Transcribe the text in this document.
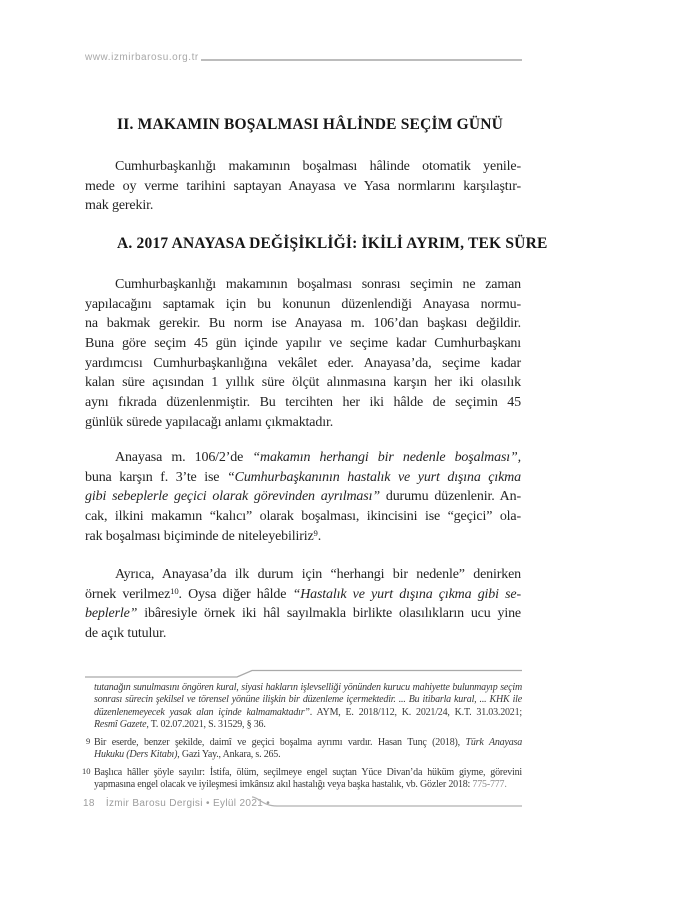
www.izmirbarosu.org.tr
II. MAKAMIN BOŞALMASI HÂLİNDE SEÇİM GÜNÜ
Cumhurbaşkanlığı makamının boşalması hâlinde otomatik yenile-
mede oy verme tarihini saptayan Anayasa ve Yasa normlarını karşılaştır-
mak gerekir.
A. 2017 ANAYASA DEĞİŞİKLİĞİ: İKİLİ AYRIM, TEK SÜRE
Cumhurbaşkanlığı makamının boşalması sonrası seçimin ne zaman
yapılacağını saptamak için bu konunun düzenlendiği Anayasa normu-
na bakmak gerekir. Bu norm ise Anayasa m. 106’dan başkası değildir.
Buna göre seçim 45 gün içinde yapılır ve seçime kadar Cumhurbaşkanı
yardımcısı Cumhurbaşkanlığına vekâlet eder. Anayasa’da, seçime kadar
kalan süre açısından 1 yıllık süre ölçüt alınmasına karşın her iki olasılık
aynı fıkrada düzenlenmiştir. Bu tercihten her iki hâlde de seçimin 45
günlük sürede yapılacağı anlamı çıkmaktadır.
Anayasa m. 106/2’de “makamın herhangi bir nedenle boşalması”,
buna karşın f. 3’te ise “Cumhurbaşkanının hastalık ve yurt dışına çıkma
gibi sebeplerle geçici olarak görevinden ayrılması” durumu düzenlenir. An-
cak, ilkini makamın “kalıcı” olarak boşalması, ikincisini ise “geçici” ola-
rak boşalması biçiminde de niteleyebiliriz$^9$.
Ayrıca, Anayasa’da ilk durum için “herhangi bir nedenle” denirken
örnek verilmez$^{10}$. Oysa diğer hâlde “Hastalık ve yurt dışına çıkma gibi se-
beplerle” ibâresiyle örnek iki hâl sayılmakla birlikte olasılıkların ucu yine
de açık tutulur.
tutanağın sunulmasını öngören kural, siyasi hakların işlevselliği yönünden kurucu mahiyette bulunmayıp seçim
sonrası sürecin şekilsel ve törensel yönüne ilişkin bir düzenleme içermektedir. ... Bu itibarla kural, ... KHK ile
düzenlenemeyecek yasak alan içinde kalmamaktadır”. AYM, E. 2018/112, K. 2021/24, K.T. 31.03.2021;
Resmî Gazete, T. 02.07.2021, S. 31529, § 36.
9 Bir eserde, benzer şekilde, daimî ve geçici boşalma ayrımı vardır. Hasan Tunç (2018), Türk Anayasa
Hukuku (Ders Kitabı), Gazi Yay., Ankara, s. 265.
10 Başlıca hâller şöyle sayılır: İstifa, ölüm, seçilmeye engel suçtan Yüce Divan’da hüküm giyme, görevini
yapmasına engel olacak ve iyileşmesi imkânsız akıl hastalığı veya başka hastalık, vb. Gözler 2018: 775-777.
18 İzmir Barosu Dergisi • Eylül 2021 •
